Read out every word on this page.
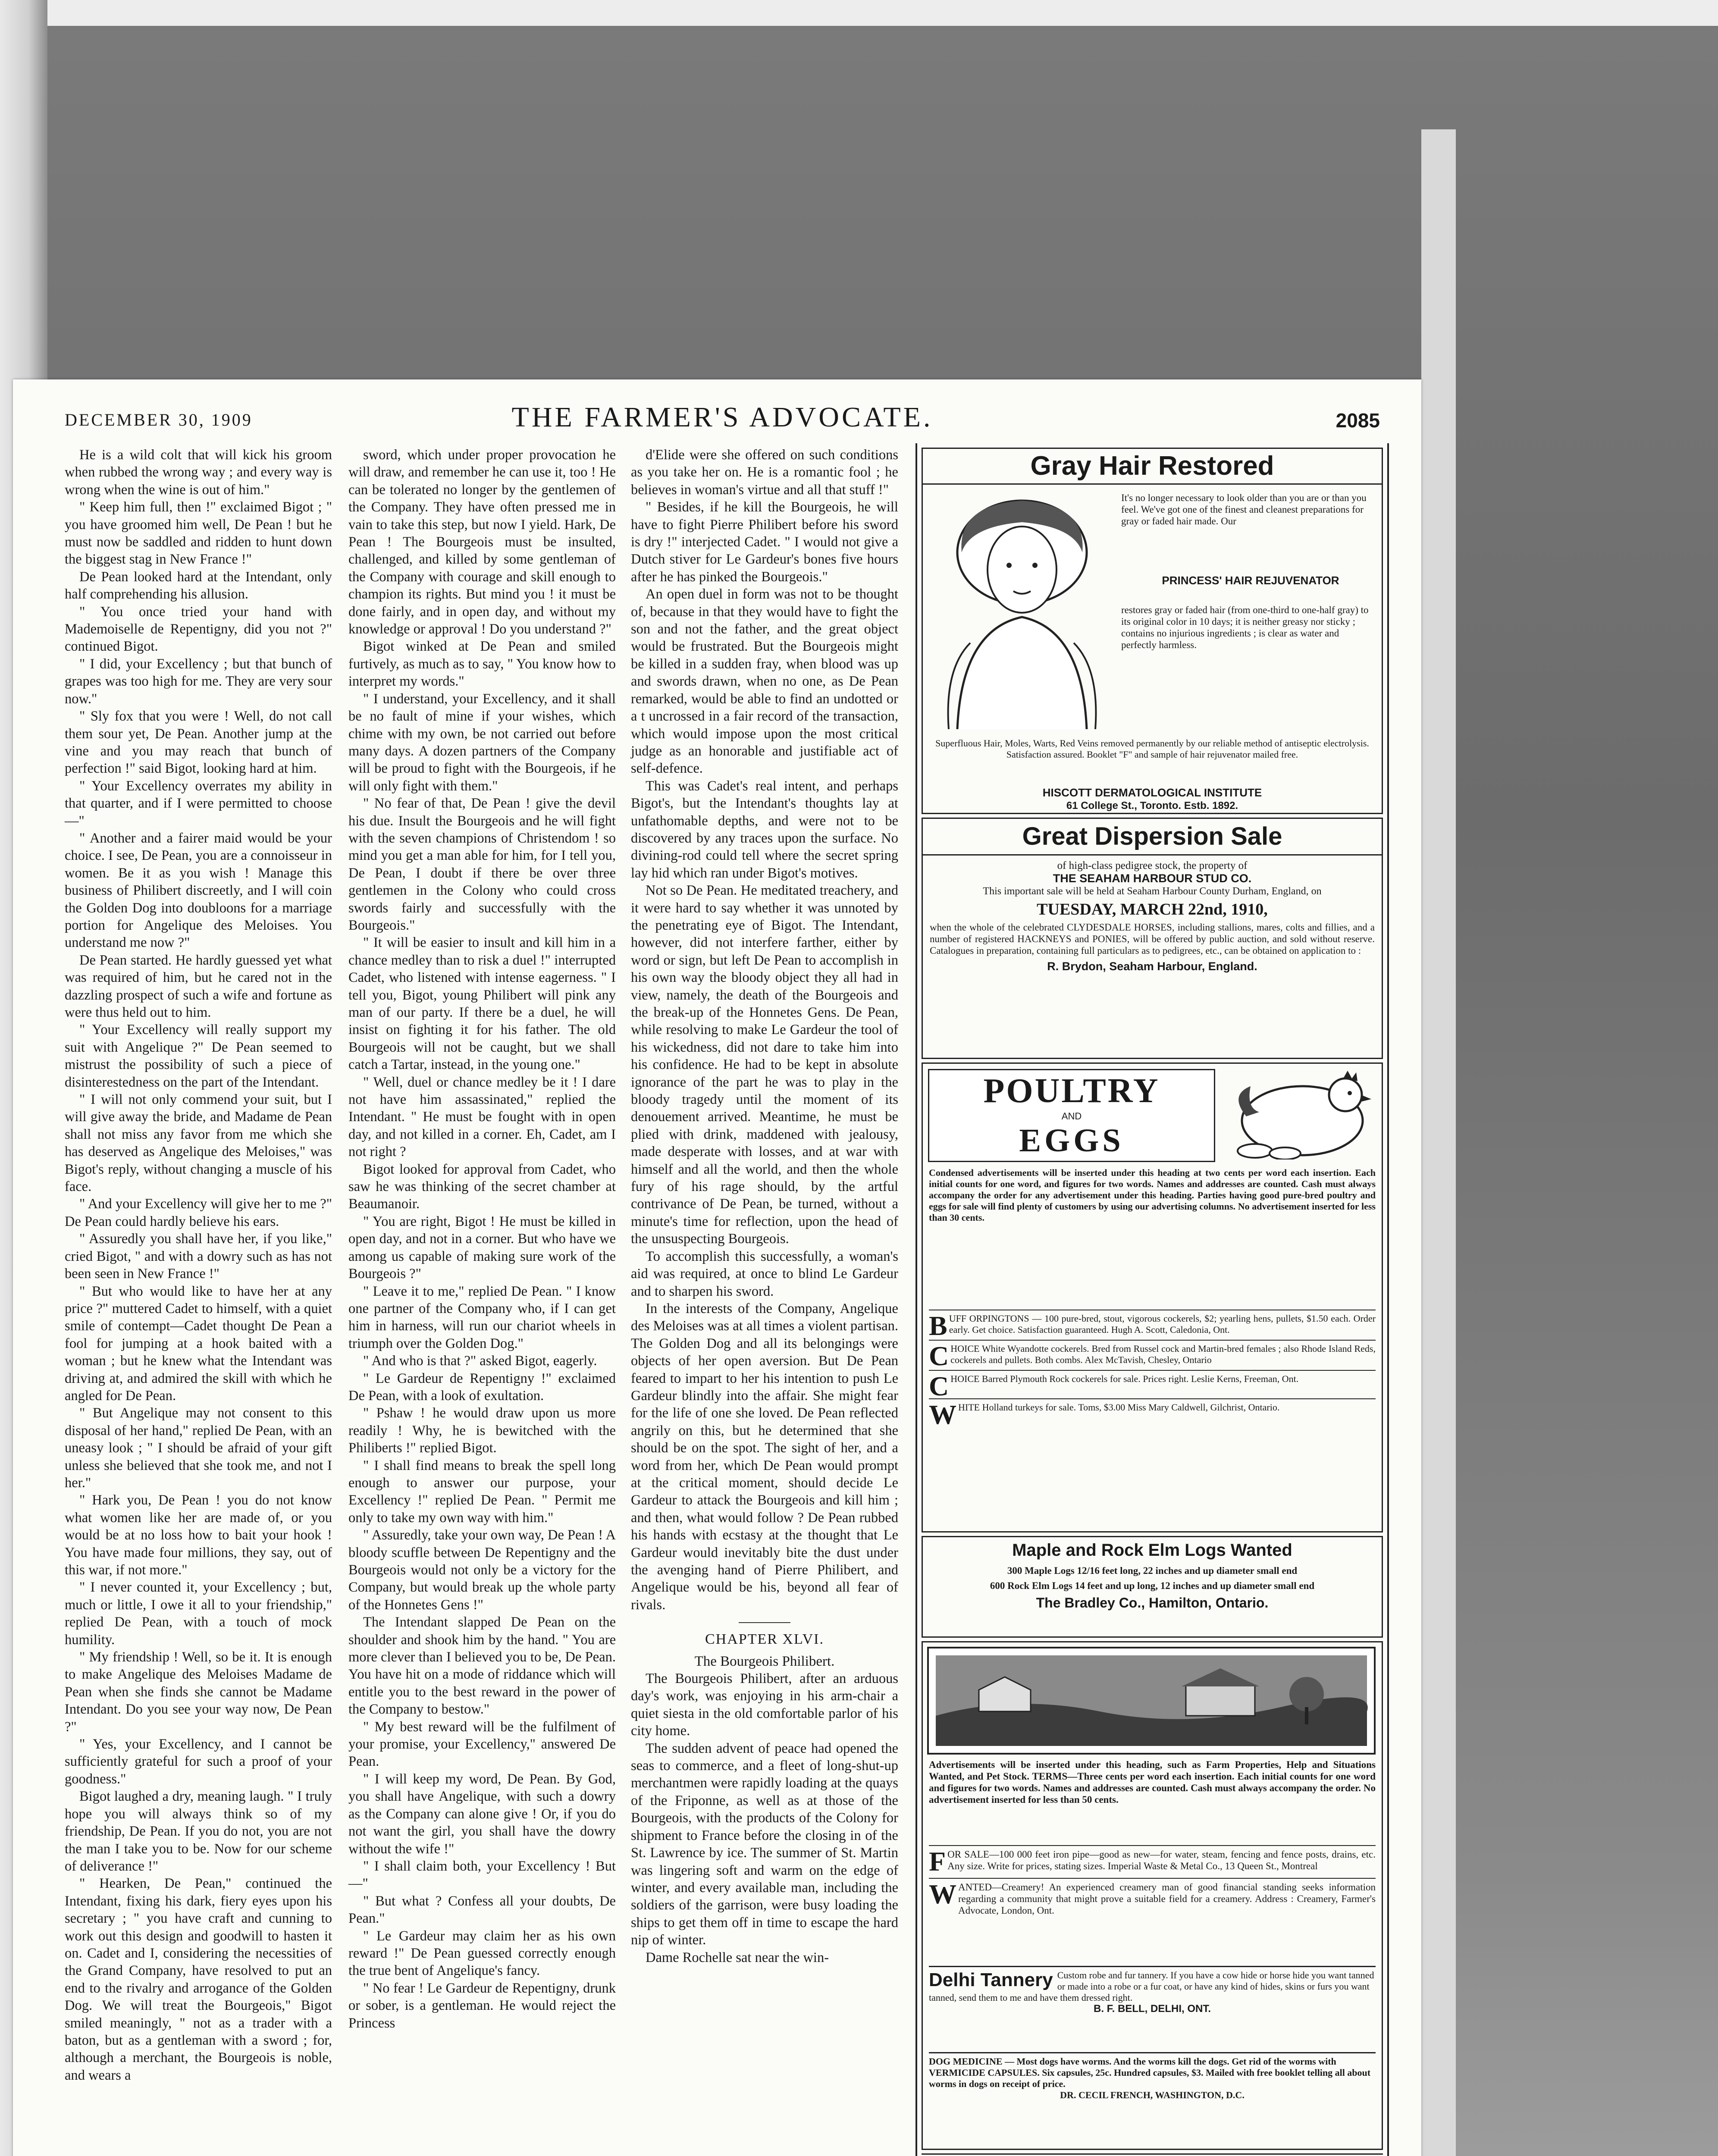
DECEMBER 30, 1909	THE FARMER'S ADVOCATE.	2085

He is a wild colt that will kick his groom when rubbed the wrong way ; and every way is wrong when the wine is out of him."

" Keep him full, then !" exclaimed Bigot ; " you have groomed him well, De Pean ! but he must now be saddled and ridden to hunt down the biggest stag in New France !"

De Pean looked hard at the Intendant, only half comprehending his allusion.

" You once tried your hand with Mademoiselle de Repentigny, did you not ?" continued Bigot.

" I did, your Excellency ; but that bunch of grapes was too high for me. They are very sour now."

" Sly fox that you were ! Well, do not call them sour yet, De Pean. Another jump at the vine and you may reach that bunch of perfection !" said Bigot, looking hard at him.

" Your Excellency overrates my ability in that quarter, and if I were permitted to choose—"

" Another and a fairer maid would be your choice. I see, De Pean, you are a connoisseur in women. Be it as you wish ! Manage this business of Philibert discreetly, and I will coin the Golden Dog into doubloons for a marriage portion for Angelique des Meloises. You understand me now ?"

De Pean started. He hardly guessed yet what was required of him, but he cared not in the dazzling prospect of such a wife and fortune as were thus held out to him.

" Your Excellency will really support my suit with Angelique ?" De Pean seemed to mistrust the possibility of such a piece of disinterestedness on the part of the Intendant.

" I will not only commend your suit, but I will give away the bride, and Madame de Pean shall not miss any favor from me which she has deserved as Angelique des Meloises," was Bigot's reply, without changing a muscle of his face.

" And your Excellency will give her to me ?" De Pean could hardly believe his ears.

" Assuredly you shall have her, if you like," cried Bigot, " and with a dowry such as has not been seen in New France !"

" But who would like to have her at any price ?" muttered Cadet to himself, with a quiet smile of contempt—Cadet thought De Pean a fool for jumping at a hook baited with a woman ; but he knew what the Intendant was driving at, and admired the skill with which he angled for De Pean.

" But Angelique may not consent to this disposal of her hand," replied De Pean, with an uneasy look ; " I should be afraid of your gift unless she believed that she took me, and not I her."

" Hark you, De Pean ! you do not know what women like her are made of, or you would be at no loss how to bait your hook ! You have made four millions, they say, out of this war, if not more."

" I never counted it, your Excellency ; but, much or little, I owe it all to your friendship," replied De Pean, with a touch of mock humility.

" My friendship ! Well, so be it. It is enough to make Angelique des Meloises Madame de Pean when she finds she cannot be Madame Intendant. Do you see your way now, De Pean ?"

" Yes, your Excellency, and I cannot be sufficiently grateful for such a proof of your goodness."

Bigot laughed a dry, meaning laugh. " I truly hope you will always think so of my friendship, De Pean. If you do not, you are not the man I take you to be. Now for our scheme of deliverance !"

" Hearken, De Pean," continued the Intendant, fixing his dark, fiery eyes upon his secretary ; " you have craft and cunning to work out this design and goodwill to hasten it on. Cadet and I, considering the necessities of the Grand Company, have resolved to put an end to the rivalry and arrogance of the Golden Dog. We will treat the Bourgeois," Bigot smiled meaningly, " not as a trader with a baton, but as a gentleman with a sword ; for, although a merchant, the Bourgeois is noble, and wears a

sword, which under proper provocation he will draw, and remember he can use it, too ! He can be tolerated no longer by the gentlemen of the Company. They have often pressed me in vain to take this step, but now I yield. Hark, De Pean ! The Bourgeois must be insulted, challenged, and killed by some gentleman of the Company with courage and skill enough to champion its rights. But mind you ! it must be done fairly, and in open day, and without my knowledge or approval ! Do you understand ?"

Bigot winked at De Pean and smiled furtively, as much as to say, " You know how to interpret my words."

" I understand, your Excellency, and it shall be no fault of mine if your wishes, which chime with my own, be not carried out before many days. A dozen partners of the Company will be proud to fight with the Bourgeois, if he will only fight with them."

" No fear of that, De Pean ! give the devil his due. Insult the Bourgeois and he will fight with the seven champions of Christendom ! so mind you get a man able for him, for I tell you, De Pean, I doubt if there be over three gentlemen in the Colony who could cross swords fairly and successfully with the Bourgeois."

" It will be easier to insult and kill him in a chance medley than to risk a duel !" interrupted Cadet, who listened with intense eagerness. " I tell you, Bigot, young Philibert will pink any man of our party. If there be a duel, he will insist on fighting it for his father. The old Bourgeois will not be caught, but we shall catch a Tartar, instead, in the young one."

" Well, duel or chance medley be it ! I dare not have him assassinated," replied the Intendant. " He must be fought with in open day, and not killed in a corner. Eh, Cadet, am I not right ?

Bigot looked for approval from Cadet, who saw he was thinking of the secret chamber at Beaumanoir.

" You are right, Bigot ! He must be killed in open day, and not in a corner. But who have we among us capable of making sure work of the Bourgeois ?"

" Leave it to me," replied De Pean. " I know one partner of the Company who, if I can get him in harness, will run our chariot wheels in triumph over the Golden Dog."

" And who is that ?" asked Bigot, eagerly.

" Le Gardeur de Repentigny !" exclaimed De Pean, with a look of exultation.

" Pshaw ! he would draw upon us more readily ! Why, he is bewitched with the Philiberts !" replied Bigot.

" I shall find means to break the spell long enough to answer our purpose, your Excellency !" replied De Pean. " Permit me only to take my own way with him."

" Assuredly, take your own way, De Pean ! A bloody scuffle between De Repentigny and the Bourgeois would not only be a victory for the Company, but would break up the whole party of the Honnetes Gens !"

The Intendant slapped De Pean on the shoulder and shook him by the hand. " You are more clever than I believed you to be, De Pean. You have hit on a mode of riddance which will entitle you to the best reward in the power of the Company to bestow."

" My best reward will be the fulfilment of your promise, your Excellency," answered De Pean.

" I will keep my word, De Pean. By God, you shall have Angelique, with such a dowry as the Company can alone give ! Or, if you do not want the girl, you shall have the dowry without the wife !"

" I shall claim both, your Excellency ! But—"

" But what ? Confess all your doubts, De Pean."

" Le Gardeur may claim her as his own reward !" De Pean guessed correctly enough the true bent of Angelique's fancy.

" No fear ! Le Gardeur de Repentigny, drunk or sober, is a gentleman. He would reject the Princess

d'Elide were she offered on such conditions as you take her on. He is a romantic fool ; he believes in woman's virtue and all that stuff !"

" Besides, if he kill the Bourgeois, he will have to fight Pierre Philibert before his sword is dry !" interjected Cadet. " I would not give a Dutch stiver for Le Gardeur's bones five hours after he has pinked the Bourgeois."

An open duel in form was not to be thought of, because in that they would have to fight the son and not the father, and the great object would be frustrated. But the Bourgeois might be killed in a sudden fray, when blood was up and swords drawn, when no one, as De Pean remarked, would be able to find an undotted or a t uncrossed in a fair record of the transaction, which would impose upon the most critical judge as an honorable and justifiable act of self-defence.

This was Cadet's real intent, and perhaps Bigot's, but the Intendant's thoughts lay at unfathomable depths, and were not to be discovered by any traces upon the surface. No divining-rod could tell where the secret spring lay hid which ran under Bigot's motives.

Not so De Pean. He meditated treachery, and it were hard to say whether it was unnoted by the penetrating eye of Bigot. The Intendant, however, did not interfere farther, either by word or sign, but left De Pean to accomplish in his own way the bloody object they all had in view, namely, the death of the Bourgeois and the break-up of the Honnetes Gens. De Pean, while resolving to make Le Gardeur the tool of his wickedness, did not dare to take him into his confidence. He had to be kept in absolute ignorance of the part he was to play in the bloody tragedy until the moment of its denouement arrived. Meantime, he must be plied with drink, maddened with jealousy, made desperate with losses, and at war with himself and all the world, and then the whole fury of his rage should, by the artful contrivance of De Pean, be turned, without a minute's time for reflection, upon the head of the unsuspecting Bourgeois.

To accomplish this successfully, a woman's aid was required, at once to blind Le Gardeur and to sharpen his sword.

In the interests of the Company, Angelique des Meloises was at all times a violent partisan. The Golden Dog and all its belongings were objects of her open aversion. But De Pean feared to impart to her his intention to push Le Gardeur blindly into the affair. She might fear for the life of one she loved. De Pean reflected angrily on this, but he determined that she should be on the spot. The sight of her, and a word from her, which De Pean would prompt at the critical moment, should decide Le Gardeur to attack the Bourgeois and kill him ; and then, what would follow ? De Pean rubbed his hands with ecstasy at the thought that Le Gardeur would inevitably bite the dust under the avenging hand of Pierre Philibert, and Angelique would be his, beyond all fear of rivals.

CHAPTER XLVI.

The Bourgeois Philibert.

The Bourgeois Philibert, after an arduous day's work, was enjoying in his arm-chair a quiet siesta in the old comfortable parlor of his city home.

The sudden advent of peace had opened the seas to commerce, and a fleet of long-shut-up merchantmen were rapidly loading at the quays of the Friponne, as well as at those of the Bourgeois, with the products of the Colony for shipment to France before the closing in of the St. Lawrence by ice. The summer of St. Martin was lingering soft and warm on the edge of winter, and every available man, including the soldiers of the garrison, were busy loading the ships to get them off in time to escape the hard nip of winter.

Dame Rochelle sat near the win-

Gray Hair Restored
It's no longer necessary to look older than you are or than you feel. We've got one of the finest and cleanest preparations for gray or faded hair made. Our
PRINCESS' HAIR REJUVENATOR
restores gray or faded hair (from one-third to one-half gray) to its original color in 10 days; it is neither greasy nor sticky ; contains no injurious ingredients ; is clear as water and perfectly harmless.
Superfluous Hair, Moles, Warts, Red Veins removed permanently by our reliable method of antiseptic electrolysis. Satisfaction assured. Booklet "F" and sample of hair rejuvenator mailed free.
HISCOTT DERMATOLOGICAL INSTITUTE
61 College St., Toronto. Estb. 1892.
Great Dispersion Sale
of high-class pedigree stock, the property of
THE SEAHAM HARBOUR STUD CO.
This important sale will be held at Seaham Harbour County Durham, England, on
TUESDAY, MARCH 22nd, 1910,
when the whole of the celebrated CLYDESDALE HORSES, including stallions, mares, colts and fillies, and a number of registered HACKNEYS and PONIES, will be offered by public auction, and sold without reserve. Catalogues in preparation, containing full particulars as to pedigrees, etc., can be obtained on application to :
R. Brydon, Seaham Harbour, England.
POULTRY
AND
EGGS
Condensed advertisements will be inserted under this heading at two cents per word each insertion. Each initial counts for one word, and figures for two words. Names and addresses are counted. Cash must always accompany the order for any advertisement under this heading. Parties having good pure-bred poultry and eggs for sale will find plenty of customers by using our advertising columns. No advertisement inserted for less than 30 cents.

BUFF ORPINGTONS — 100 pure-bred, stout, vigorous cockerels, $2; yearling hens, pullets, $1.50 each. Order early. Get choice. Satisfaction guaranteed. Hugh A. Scott, Caledonia, Ont.

CHOICE White Wyandotte cockerels. Bred from Russel cock and Martin-bred females ; also Rhode Island Reds, cockerels and pullets. Both combs. Alex McTavish, Chesley, Ontario

CHOICE Barred Plymouth Rock cockerels for sale. Prices right. Leslie Kerns, Freeman, Ont.

WHITE Holland turkeys for sale. Toms, $3.00 Miss Mary Caldwell, Gilchrist, Ontario.

Maple and Rock Elm Logs Wanted
300 Maple Logs 12/16 feet long, 22 inches and up diameter small end
600 Rock Elm Logs 14 feet and up long, 12 inches and up diameter small end
The Bradley Co., Hamilton, Ontario.
Advertisements will be inserted under this heading, such as Farm Properties, Help and Situations Wanted, and Pet Stock. TERMS—Three cents per word each insertion. Each initial counts for one word and figures for two words. Names and addresses are counted. Cash must always accompany the order. No advertisement inserted for less than 50 cents.

FOR SALE—100 000 feet iron pipe—good as new—for water, steam, fencing and fence posts, drains, etc. Any size. Write for prices, stating sizes. Imperial Waste & Metal Co., 13 Queen St., Montreal

WANTED—Creamery! An experienced creamery man of good financial standing seeks information regarding a community that might prove a suitable field for a creamery. Address : Creamery, Farmer's Advocate, London, Ont.

Delhi Tannery Custom robe and fur tannery. If you have a cow hide or horse hide you want tanned or made into a robe or a fur coat, or have any kind of hides, skins or furs you want tanned, send them to me and have them dressed right.
B. F. BELL, DELHI, ONT.
DOG MEDICINE — Most dogs have worms. And the worms kill the dogs. Get rid of the worms with VERMICIDE CAPSULES. Six capsules, 25c. Hundred capsules, $3. Mailed with free booklet telling all about worms in dogs on receipt of price.
DR. CECIL FRENCH, WASHINGTON, D.C.
